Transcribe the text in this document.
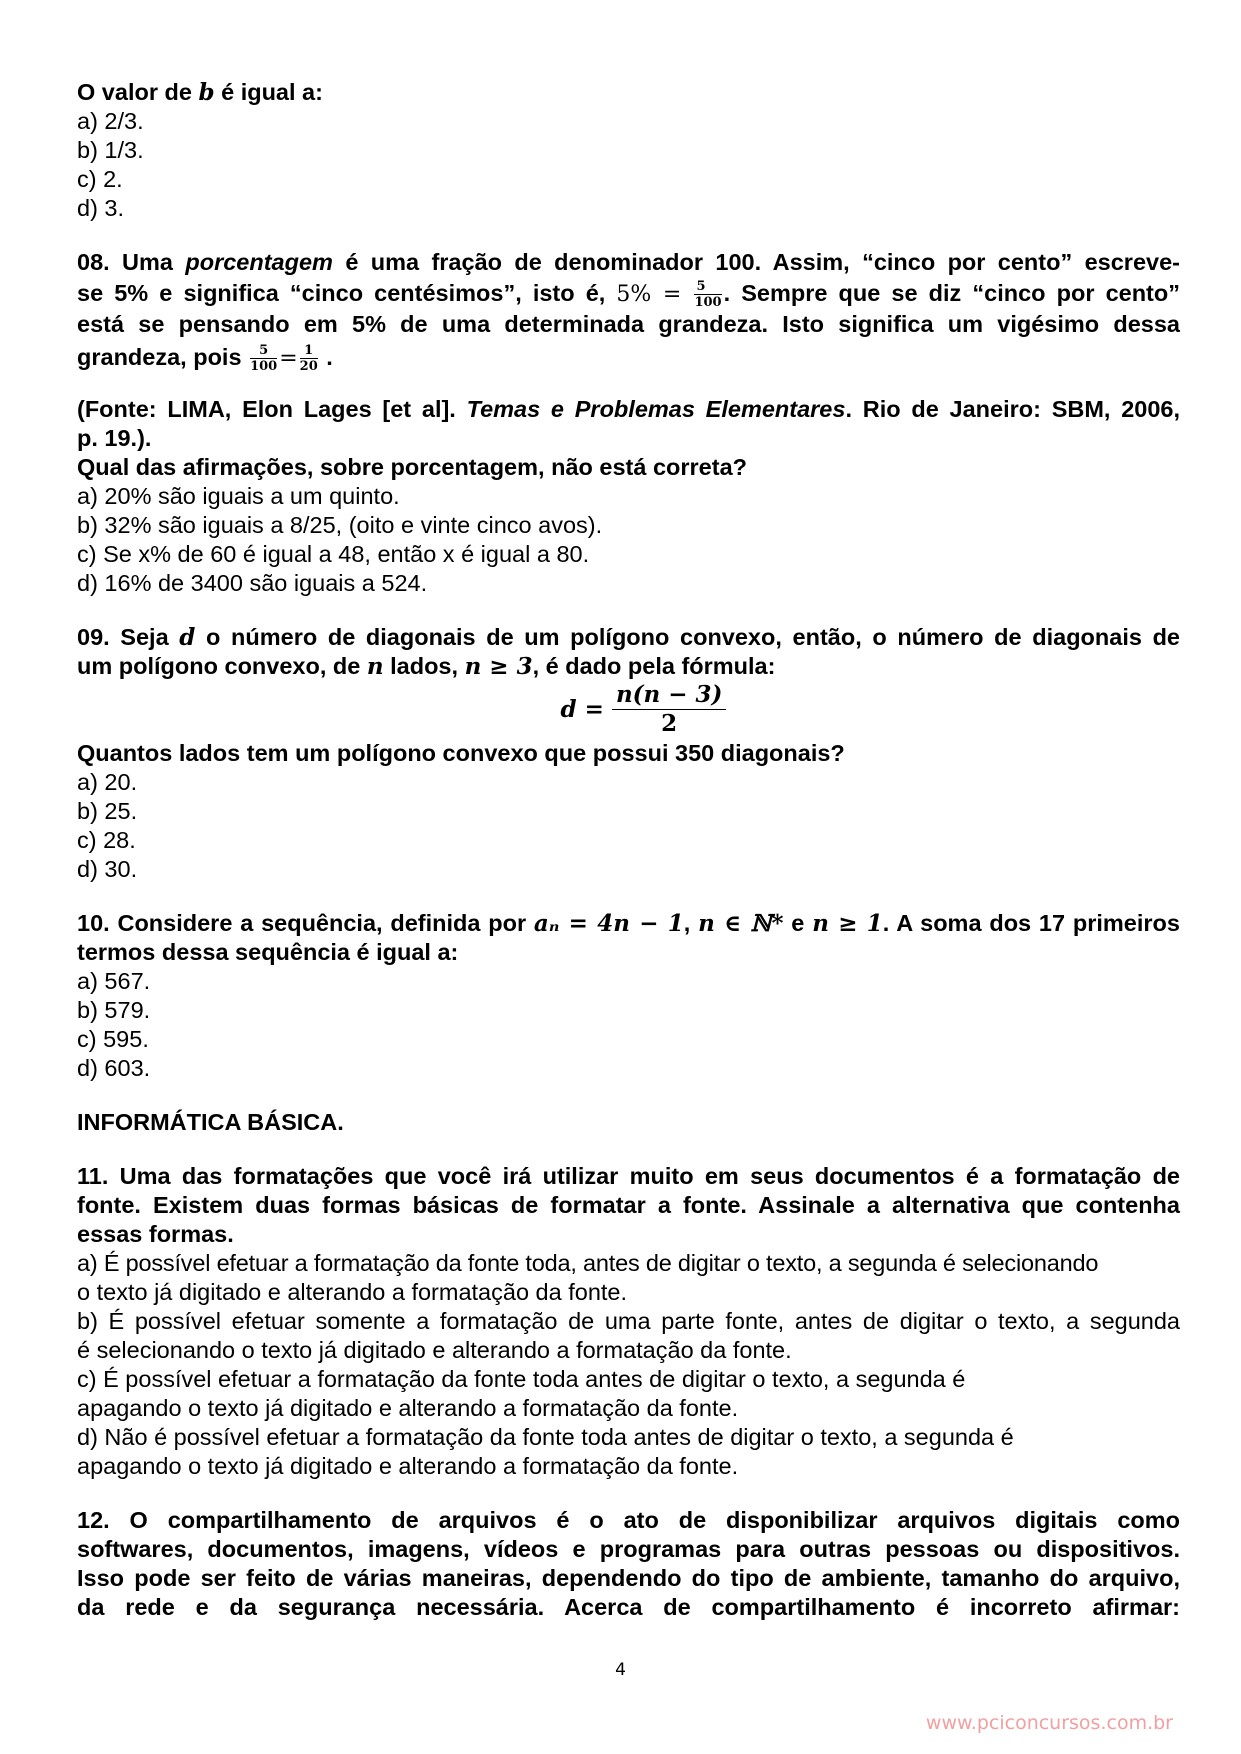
O valor de b é igual a:

a) 2/3.

b) 1/3.

c) 2.

d) 3.

08. Uma porcentagem é uma fração de denominador 100. Assim, “cinco por cento” escreve-

se 5% e significa “cinco centésimos”, isto é, $5\% = \frac{5}{100}$ . Sempre que se diz “cinco por cento”

está se pensando em 5% de uma determinada grandeza. Isto significa um vigésimo dessa

grandeza, pois $\frac{5}{100} = \frac{1}{20}$ .

(Fonte: LIMA, Elon Lages [et al]. Temas e Problemas Elementares. Rio de Janeiro: SBM, 2006,

p. 19.).

Qual das afirmações, sobre porcentagem, não está correta?

a) 20% são iguais a um quinto.

b) 32% são iguais a 8/25, (oito e vinte cinco avos).

c) Se x% de 60 é igual a 48, então x é igual a 80.

d) 16% de 3400 são iguais a 524.

09. Seja d o número de diagonais de um polígono convexo, então, o número de diagonais de

um polígono convexo, de n lados, n ≥ 3, é dado pela fórmula:

$d = \frac{n(n - 3)}{2}$

Quantos lados tem um polígono convexo que possui 350 diagonais?

a) 20.

b) 25.

c) 28.

d) 30.

10. Considere a sequência, definida por aₙ = 4n − 1, n ∈ ℕ* e n ≥ 1. A soma dos 17 primeiros

termos dessa sequência é igual a:

a) 567.

b) 579.

c) 595.

d) 603.

INFORMÁTICA BÁSICA.

11. Uma das formatações que você irá utilizar muito em seus documentos é a formatação de

fonte. Existem duas formas básicas de formatar a fonte. Assinale a alternativa que contenha

essas formas.

a) É possível efetuar a formatação da fonte toda, antes de digitar o texto, a segunda é selecionando

o texto já digitado e alterando a formatação da fonte.

b) É possível efetuar somente a formatação de uma parte fonte, antes de digitar o texto, a segunda

é selecionando o texto já digitado e alterando a formatação da fonte.

c) É possível efetuar a formatação da fonte toda antes de digitar o texto, a segunda é

apagando o texto já digitado e alterando a formatação da fonte.

d) Não é possível efetuar a formatação da fonte toda antes de digitar o texto, a segunda é

apagando o texto já digitado e alterando a formatação da fonte.

12. O compartilhamento de arquivos é o ato de disponibilizar arquivos digitais como

softwares, documentos, imagens, vídeos e programas para outras pessoas ou dispositivos.

Isso pode ser feito de várias maneiras, dependendo do tipo de ambiente, tamanho do arquivo,

da rede e da segurança necessária. Acerca de compartilhamento é incorreto afirmar:

4
www.pciconcursos.com.br
